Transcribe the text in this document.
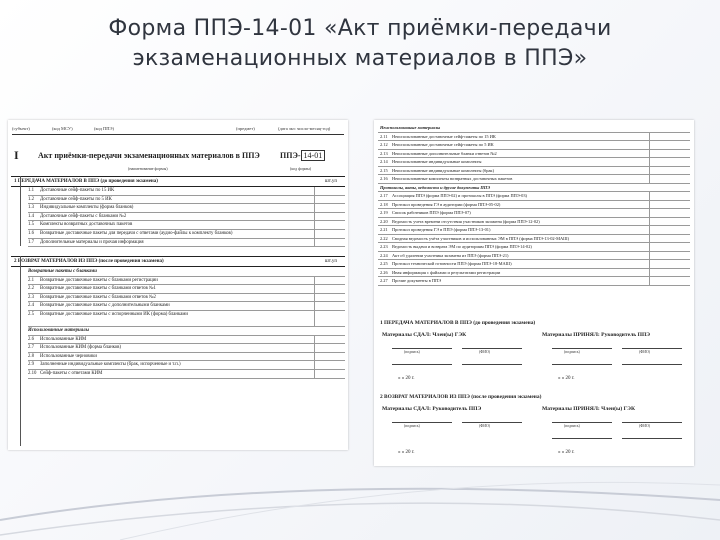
Форма ППЭ-14-01 «Акт приёмки-передачи
экзаменационных материалов в ППЭ»
(субъект)	(код МСУ)	(код ППЭ)	(предмет)	(дата экз: число-месяц-год)
I Акт приёмки-передачи экзаменационных материалов в ППЭ	ППЭ- 14-01
(наименование формы)	(код формы)
1 ПЕРЕДАЧА МАТЕРИАЛОВ В ППЭ (до проведения экзамена)	шт.уп
1.1 Доставочные сейф-пакеты по 15 ИК
1.2 Доставочные сейф-пакеты по 5 ИК
1.3 Индивидуальные комплекты (форма бланков)
1.4 Доставочные сейф-пакеты с бланками №2
1.5 Комплекты возвратных доставочных пакетов
1.6 Возвратные доставочные пакеты для передачи с ответами (аудио-файлы к комплекту бланков)
1.7 Дополнительные материалы и прочая информация
2 ВОЗВРАТ МАТЕРИАЛОВ ИЗ ППЭ (после проведения экзамена)	шт.уп
Возвратные пакеты с бланками
2.1 Возвратные доставочные пакеты с бланками регистрации
2.2 Возвратные доставочные пакеты с бланками ответов №1
2.3 Возвратные доставочные пакеты с бланками ответов №2
2.4 Возвратные доставочные пакеты с дополнительными бланками
2.5 Возвратные доставочные пакеты с испорченными ИК (форма) бланками
Использованные материалы
2.6 Использованные КИМ
2.7 Использованные КИМ (форма бланков)
2.8 Использованные черновики
2.9 Заполненные индивидуальные комплекты (брак, испорченные и т.п.)
2.10 Сейф-пакеты с ответами КИМ
Неиспользованные материалы
2.11 Неиспользованные доставочные сейф-пакеты по 15 ИК
2.12 Неиспользованные доставочные сейф-пакеты по 5 ИК
2.13 Неиспользованные дополнительные бланки ответов №2
2.14 Неиспользованные индивидуальные комплекты
2.15 Неиспользованные индивидуальные комплекты (брак)
2.16 Неиспользованные комплекты возвратных доставочных пакетов
Протоколы, акты, ведомости и другие документы ППЭ
2.17 Ассоциация ППЭ (форма ППЭ-02) и протоколы в ППЭ (форма ППЭ-03)
2.18 Протокол проведения ГЭ в аудитории (форма ППЭ-05-02)
2.19 Список работников ППЭ (форма ППЭ-07)
2.20 Ведомость учета времени отсутствия участников экзамена (форма ППЭ-12-02)
2.21 Протокол проведения ГЭ в ППЭ (форма ППЭ-13-01)
2.22 Сводная ведомость учёта участников и использованных ЭМ в ППЭ (форма ППЭ-13-02-МАШ)
2.23 Ведомость выдачи и возврата ЭМ по аудиториям ППЭ (форма ППЭ-14-02)
2.24 Акт об удалении участника экзамена из ППЭ (форма ППЭ-21)
2.25 Протокол технической готовности ППЭ (форма ППЭ-18-МАШ)
2.26 Иная информация с файлами и результатами регистрации
2.27 Прочие документы в ППЭ
1 ПЕРЕДАЧА МАТЕРИАЛОВ В ППЭ (до проведения экзамена)
Материалы СДАЛ: Член(ы) ГЭК	Материалы ПРИНЯЛ: Руководитель ППЭ
(подпись)	(ФИО)	(подпись)	(ФИО)
« » 20 г.	« » 20 г.
2 ВОЗВРАТ МАТЕРИАЛОВ ИЗ ППЭ (после проведения экзамена)
Материалы СДАЛ: Руководитель ППЭ	Материалы ПРИНЯЛ: Член(ы) ГЭК
(подпись)	(ФИО)	(подпись)	(ФИО)
« » 20 г.	« » 20 г.
